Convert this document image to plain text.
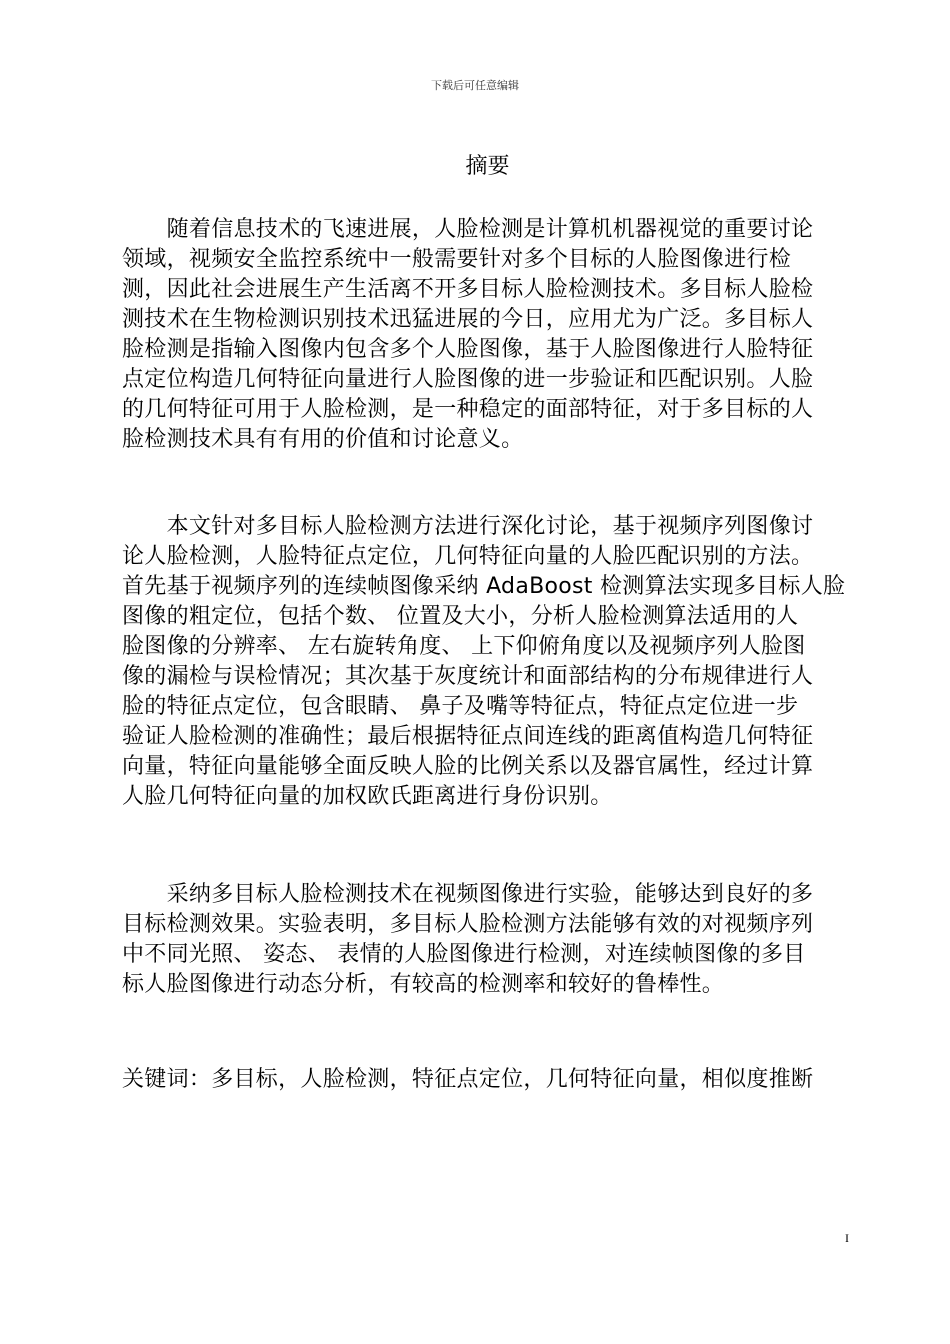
下载后可任意编辑
摘要
　　随着信息技术的飞速进展，人脸检测是计算机机器视觉的重要讨论
领域，视频安全监控系统中一般需要针对多个目标的人脸图像进行检
测，因此社会进展生产生活离不开多目标人脸检测技术。多目标人脸检
测技术在生物检测识别技术迅猛进展的今日，应用尤为广泛。多目标人
脸检测是指输入图像内包含多个人脸图像，基于人脸图像进行人脸特征
点定位构造几何特征向量进行人脸图像的进一步验证和匹配识别。人脸
的几何特征可用于人脸检测，是一种稳定的面部特征，对于多目标的人
脸检测技术具有有用的价值和讨论意义。
　　本文针对多目标人脸检测方法进行深化讨论，基于视频序列图像讨
论人脸检测，人脸特征点定位，几何特征向量的人脸匹配识别的方法。
首先基于视频序列的连续帧图像采纳 AdaBoost 检测算法实现多目标人脸
图像的粗定位，包括个数、 位置及大小，分析人脸检测算法适用的人
脸图像的分辨率、 左右旋转角度、 上下仰俯角度以及视频序列人脸图
像的漏检与误检情况；其次基于灰度统计和面部结构的分布规律进行人
脸的特征点定位，包含眼睛、 鼻子及嘴等特征点，特征点定位进一步
验证人脸检测的准确性；最后根据特征点间连线的距离值构造几何特征
向量，特征向量能够全面反映人脸的比例关系以及器官属性，经过计算
人脸几何特征向量的加权欧氏距离进行身份识别。
　　采纳多目标人脸检测技术在视频图像进行实验，能够达到良好的多
目标检测效果。实验表明，多目标人脸检测方法能够有效的对视频序列
中不同光照、 姿态、 表情的人脸图像进行检测，对连续帧图像的多目
标人脸图像进行动态分析，有较高的检测率和较好的鲁棒性。
关键词：多目标，人脸检测，特征点定位，几何特征向量，相似度推断
I
